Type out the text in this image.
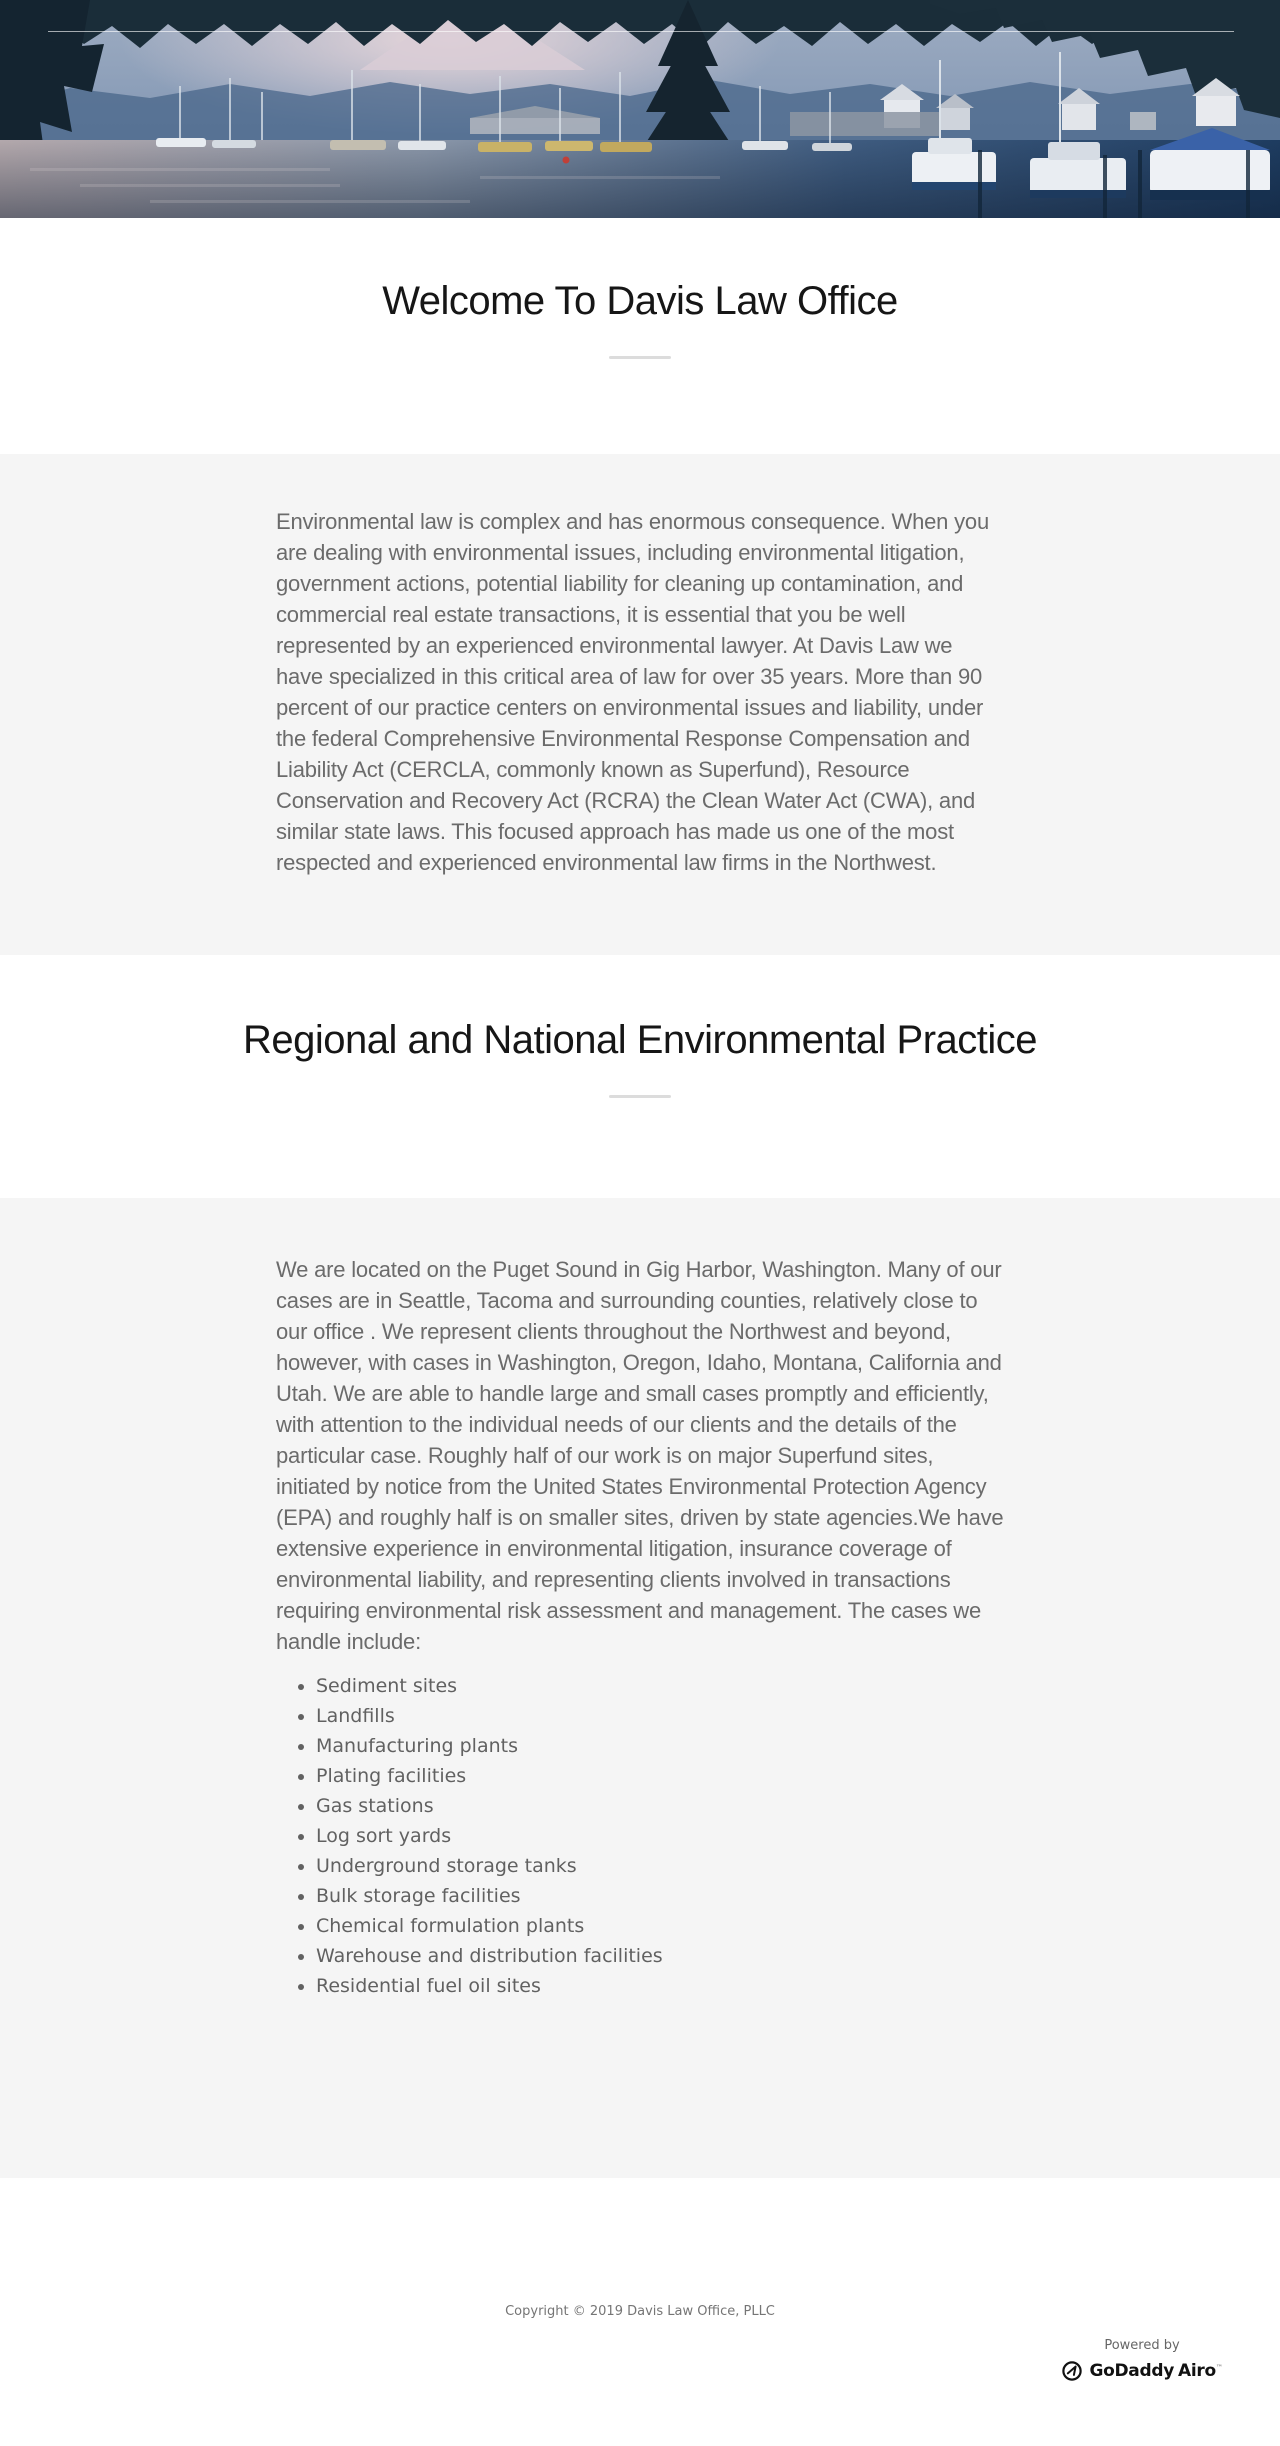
Welcome To Davis Law Office

Environmental law is complex and has enormous consequence. When you are dealing with environmental issues, including environmental litigation, government actions, potential liability for cleaning up contamination, and commercial real estate transactions, it is essential that you be well represented by an experienced environmental lawyer. At Davis Law we have specialized in this critical area of law for over 35 years. More than 90 percent of our practice centers on environmental issues and liability, under the federal Comprehensive Environmental Response Compensation and Liability Act (CERCLA, commonly known as Superfund), Resource Conservation and Recovery Act (RCRA) the Clean Water Act (CWA), and similar state laws. This focused approach has made us one of the most respected and experienced environmental law firms in the Northwest.

Regional and National Environmental Practice

We are located on the Puget Sound in Gig Harbor, Washington. Many of our cases are in Seattle, Tacoma and surrounding counties, relatively close to our office . We represent clients throughout the Northwest and beyond, however, with cases in Washington, Oregon, Idaho, Montana, California and Utah. We are able to handle large and small cases promptly and efficiently, with attention to the individual needs of our clients and the details of the particular case. Roughly half of our work is on major Superfund sites, initiated by notice from the United States Environmental Protection Agency (EPA) and roughly half is on smaller sites, driven by state agencies.We have extensive experience in environmental litigation, insurance coverage of environmental liability, and representing clients involved in transactions requiring environmental risk assessment and management. The cases we handle include:

• Sediment sites
• Landfills
• Manufacturing plants
• Plating facilities
• Gas stations
• Log sort yards
• Underground storage tanks
• Bulk storage facilities
• Chemical formulation plants
• Warehouse and distribution facilities
• Residential fuel oil sites
Copyright © 2019 Davis Law Office, PLLC
Powered by
GoDaddy Airo™
